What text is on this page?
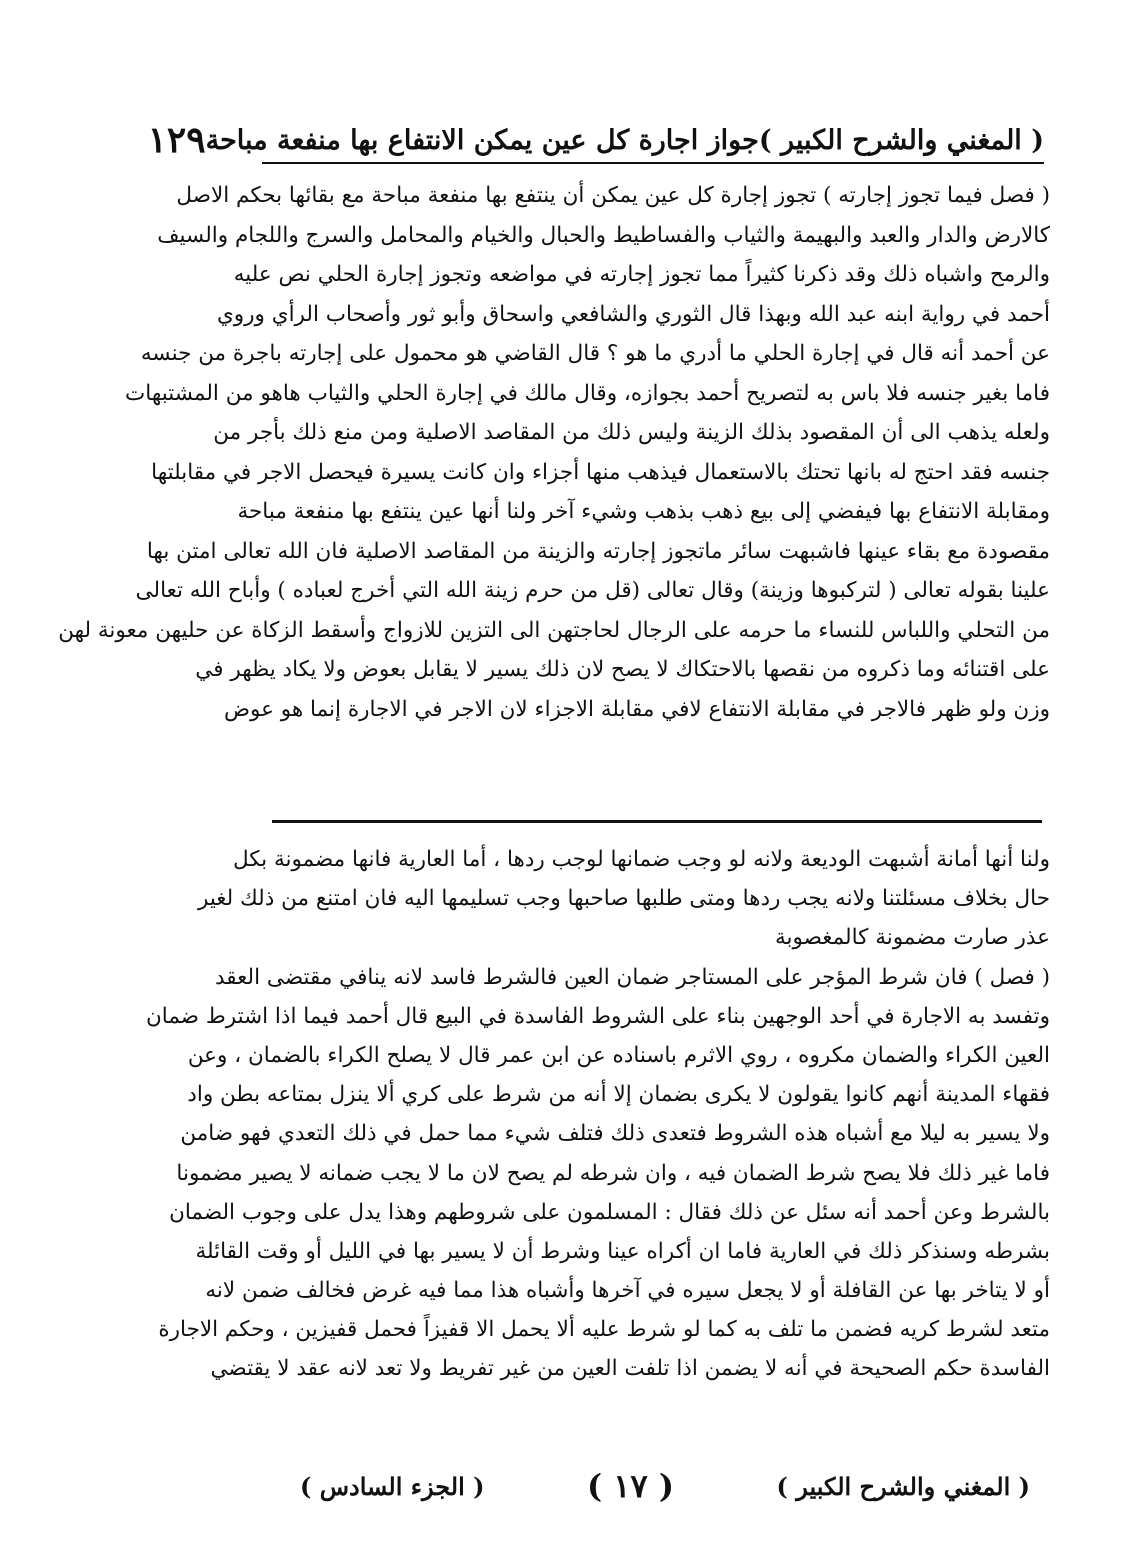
( المغني والشرح الكبير )
جواز اجارة كل عين يمكن الانتفاع بها منفعة مباحة
١٢٩
( فصل فيما تجوز إجارته ) تجوز إجارة كل عين يمكن أن ينتفع بها منفعة مباحة مع بقائها بحكم الاصل
كالارض والدار والعبد والبهيمة والثياب والفساطيط والحبال والخيام والمحامل والسرج واللجام والسيف
والرمح واشباه ذلك وقد ذكرنا كثيراً مما تجوز إجارته في مواضعه وتجوز إجارة الحلي نص عليه
أحمد في رواية ابنه عبد الله وبهذا قال الثوري والشافعي واسحاق وأبو ثور وأصحاب الرأي وروي
عن أحمد أنه قال في إجارة الحلي ما أدري ما هو ؟ قال القاضي هو محمول على إجارته باجرة من جنسه
فاما بغير جنسه فلا باس به لتصريح أحمد بجوازه، وقال مالك في إجارة الحلي والثياب هاهو من المشتبهات
ولعله يذهب الى أن المقصود بذلك الزينة وليس ذلك من المقاصد الاصلية ومن منع ذلك بأجر من
جنسه فقد احتج له بانها تحتك بالاستعمال فيذهب منها أجزاء وان كانت يسيرة فيحصل الاجر في مقابلتها
ومقابلة الانتفاع بها فيفضي إلى بيع ذهب بذهب وشيء آخر ولنا أنها عين ينتفع بها منفعة مباحة
مقصودة مع بقاء عينها فاشبهت سائر ماتجوز إجارته والزينة من المقاصد الاصلية فان الله تعالى امتن بها
علينا بقوله تعالى ( لتركبوها وزينة) وقال تعالى (قل من حرم زينة الله التي أخرج لعباده ) وأباح الله تعالى
من التحلي واللباس للنساء ما حرمه على الرجال لحاجتهن الى التزين للازواج وأسقط الزكاة عن حليهن معونة لهن
على اقتنائه وما ذكروه من نقصها بالاحتكاك لا يصح لان ذلك يسير لا يقابل بعوض ولا يكاد يظهر في
وزن ولو ظهر فالاجر في مقابلة الانتفاع لافي مقابلة الاجزاء لان الاجر في الاجارة إنما هو عوض
ولنا أنها أمانة أشبهت الوديعة ولانه لو وجب ضمانها لوجب ردها ، أما العارية فانها مضمونة بكل
حال بخلاف مسئلتنا ولانه يجب ردها ومتى طلبها صاحبها وجب تسليمها اليه فان امتنع من ذلك لغير
عذر صارت مضمونة كالمغصوبة
( فصل ) فان شرط المؤجر على المستاجر ضمان العين فالشرط فاسد لانه ينافي مقتضى العقد
وتفسد به الاجارة في أحد الوجهين بناء على الشروط الفاسدة في البيع قال أحمد فيما اذا اشترط ضمان
العين الكراء والضمان مكروه ، روي الاثرم باسناده عن ابن عمر قال لا يصلح الكراء بالضمان ، وعن
فقهاء المدينة أنهم كانوا يقولون لا يكرى بضمان إلا أنه من شرط على كري ألا ينزل بمتاعه بطن واد
ولا يسير به ليلا مع أشباه هذه الشروط فتعدى ذلك فتلف شيء مما حمل في ذلك التعدي فهو ضامن
فاما غير ذلك فلا يصح شرط الضمان فيه ، وان شرطه لم يصح لان ما لا يجب ضمانه لا يصير مضمونا
بالشرط وعن أحمد أنه سئل عن ذلك فقال : المسلمون على شروطهم وهذا يدل على وجوب الضمان
بشرطه وسنذكر ذلك في العارية فاما ان أكراه عينا وشرط أن لا يسير بها في الليل أو وقت القائلة
أو لا يتاخر بها عن القافلة أو لا يجعل سيره في آخرها وأشباه هذا مما فيه غرض فخالف ضمن لانه
متعد لشرط كريه فضمن ما تلف به كما لو شرط عليه ألا يحمل الا قفيزاً فحمل قفيزين ، وحكم الاجارة
الفاسدة حكم الصحيحة في أنه لا يضمن اذا تلفت العين من غير تفريط ولا تعد لانه عقد لا يقتضي
( المغني والشرح الكبير )
( ١٧ )
( الجزء السادس )
